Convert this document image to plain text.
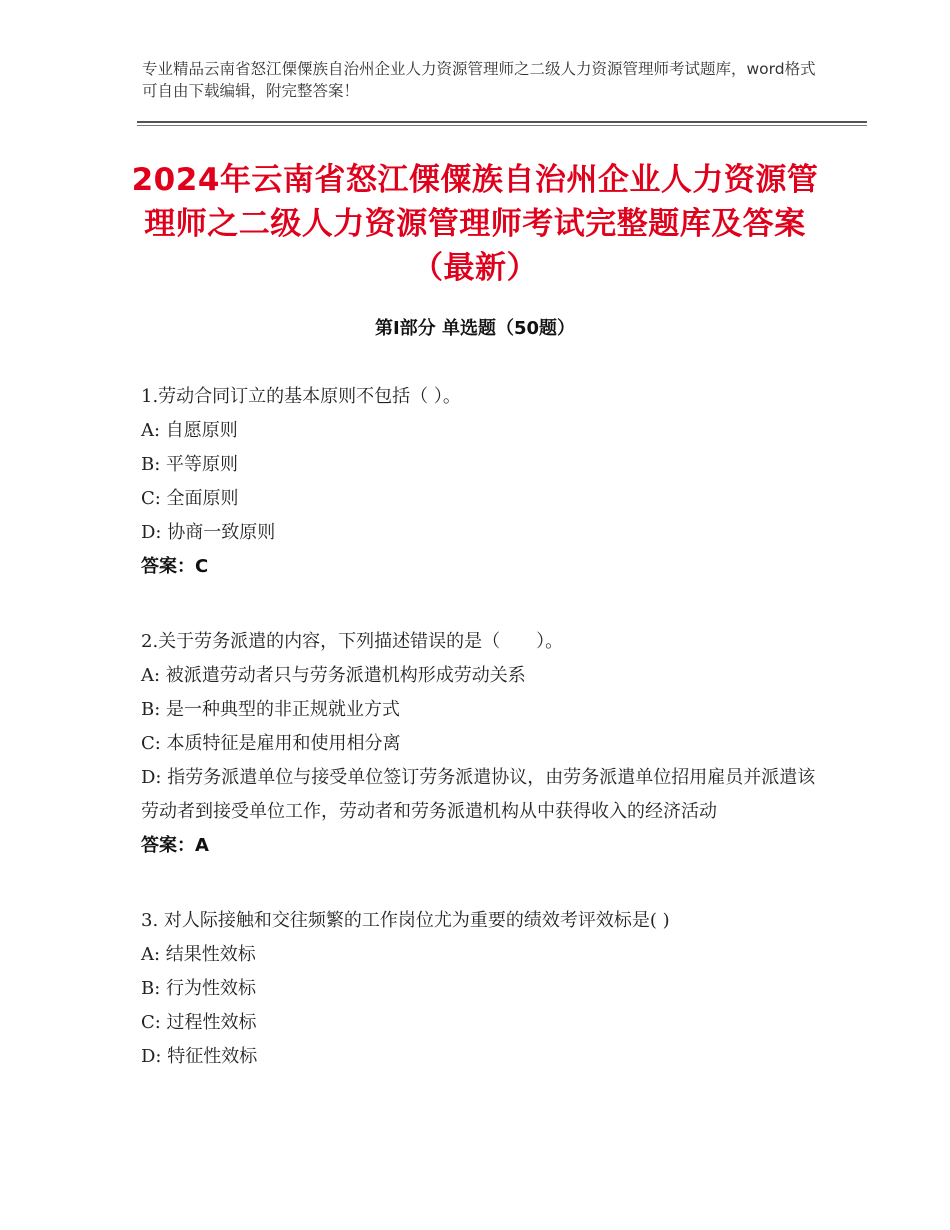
专业精品云南省怒江傈僳族自治州企业人力资源管理师之二级人力资源管理师考试题库，word格式可自由下载编辑，附完整答案！
2024年云南省怒江傈僳族自治州企业人力资源管理师之二级人力资源管理师考试完整题库及答案（最新）
第Ⅰ部分 单选题（50题）
1.劳动合同订立的基本原则不包括（ ）。
A: 自愿原则
B: 平等原则
C: 全面原则
D: 协商一致原则
答案：C
2.关于劳务派遣的内容，下列描述错误的是（　　）。
A: 被派遣劳动者只与劳务派遣机构形成劳动关系
B: 是一种典型的非正规就业方式
C: 本质特征是雇用和使用相分离
D: 指劳务派遣单位与接受单位签订劳务派遣协议，由劳务派遣单位招用雇员并派遣该劳动者到接受单位工作，劳动者和劳务派遣机构从中获得收入的经济活动
答案：A
3. 对人际接触和交往频繁的工作岗位尤为重要的绩效考评效标是( )
A: 结果性效标
B: 行为性效标
C: 过程性效标
D: 特征性效标
